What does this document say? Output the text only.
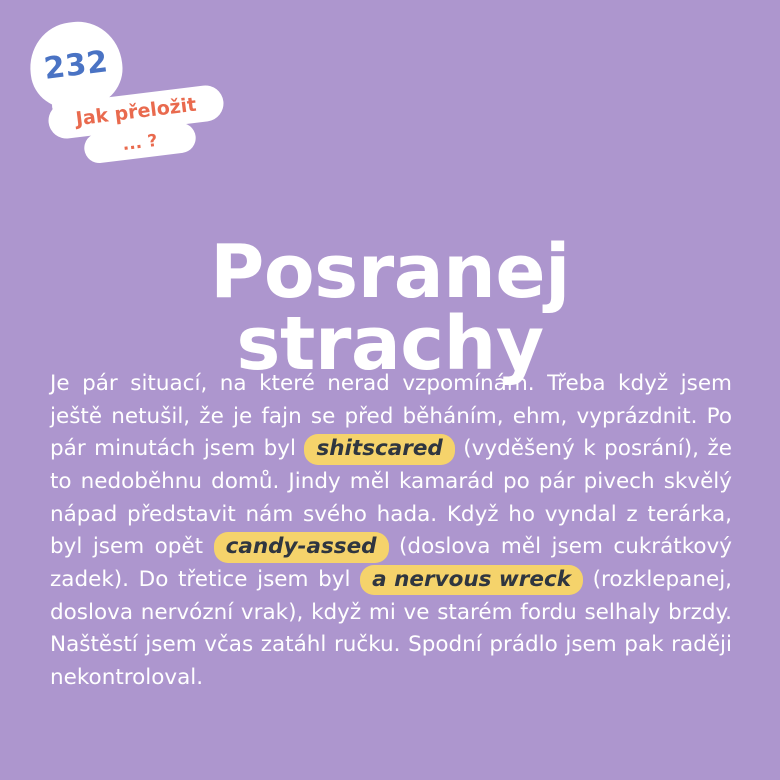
232
Jak přeložit
... ?
Posranej
strachy

Je pár situací, na které nerad vzpomínám. Třeba když jsem ještě netušil, že je fajn se před běháním, ehm, vyprázdnit. Po pár minutách jsem byl shitscared (vyděšený k posrání), že to nedoběhnu domů. Jindy měl kamarád po pár pivech skvělý nápad představit nám svého hada. Když ho vyndal z terárka, byl jsem opět candy-assed (doslova měl jsem cukrátkový zadek). Do třetice jsem byl a nervous wreck (rozklepanej, doslova nervózní vrak), když mi ve starém fordu selhaly brzdy. Naštěstí jsem včas zatáhl ručku. Spodní prádlo jsem pak raději nekontroloval.
